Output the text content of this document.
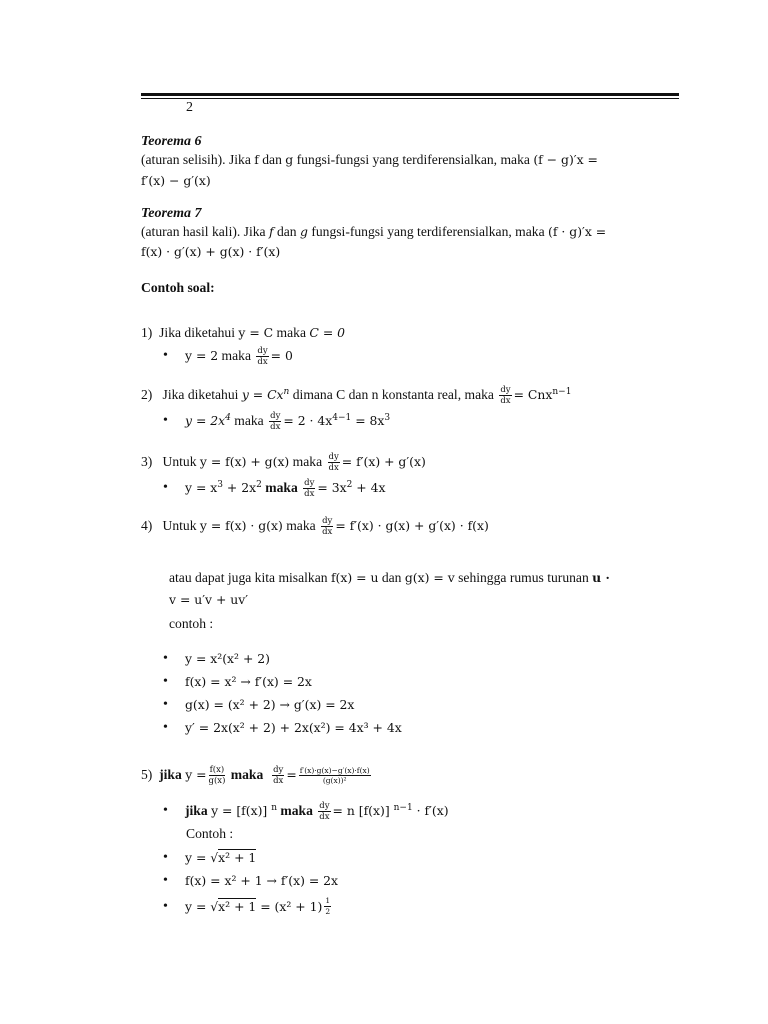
2
Teorema 6
(aturan selisih). Jika f dan g fungsi-fungsi yang terdiferensialkan, maka (f − g)′x =
f′(x) − g′(x)
Teorema 7
(aturan hasil kali). Jika f dan g fungsi-fungsi yang terdiferensialkan, maka (f · g)′x =
f(x) · g′(x) + g(x) · f′(x)
Contoh soal:
1) Jika diketahui y = C maka C = 0
• y = 2 maka $\frac{dy}{dx} = 0$
2) Jika diketahui $y = Cx^n$ dimana C dan n konstanta real, maka $\frac{dy}{dx} = Cnx^{n-1}$
• $y = 2x^4$ maka $\frac{dy}{dx} = 2 \cdot 4x^{4-1} = 8x^3$
3) Untuk y = f(x) + g(x) maka $\frac{dy}{dx} = f'(x) + g'(x)$
• $y = x^3 + 2x^2$ maka $\frac{dy}{dx} = 3x^2 + 4x$
4) Untuk y = f(x) · g(x) maka $\frac{dy}{dx} = f'(x) \cdot g(x) + g'(x) \cdot f(x)$
atau dapat juga kita misalkan f(x) = u dan g(x) = v sehingga rumus turunan u ·
v = u′v + uv′
contoh :
• y = x²(x² + 2)
• f(x) = x² → f′(x) = 2x
• g(x) = (x² + 2) → g′(x) = 2x
• y′ = 2x(x² + 2) + 2x(x²) = 4x³ + 4x
5) jika $y = \frac{f(x)}{g(x)}$ maka $\frac{dy}{dx} = \frac{f'(x)\cdot g(x)-g'(x)\cdot f(x)}{\text{(g(x))²}}$
• jika y = [f(x)] $^n$ maka $\frac{dy}{dx} = n$ [f(x)] $^{n-1}$ · f′(x)
Contoh :
• y = √x² + 1
• f(x) = x² + 1 → f′(x) = 2x
• $y = √x^2 + 1 = (x^2 + 1) \frac{1}{2}$
